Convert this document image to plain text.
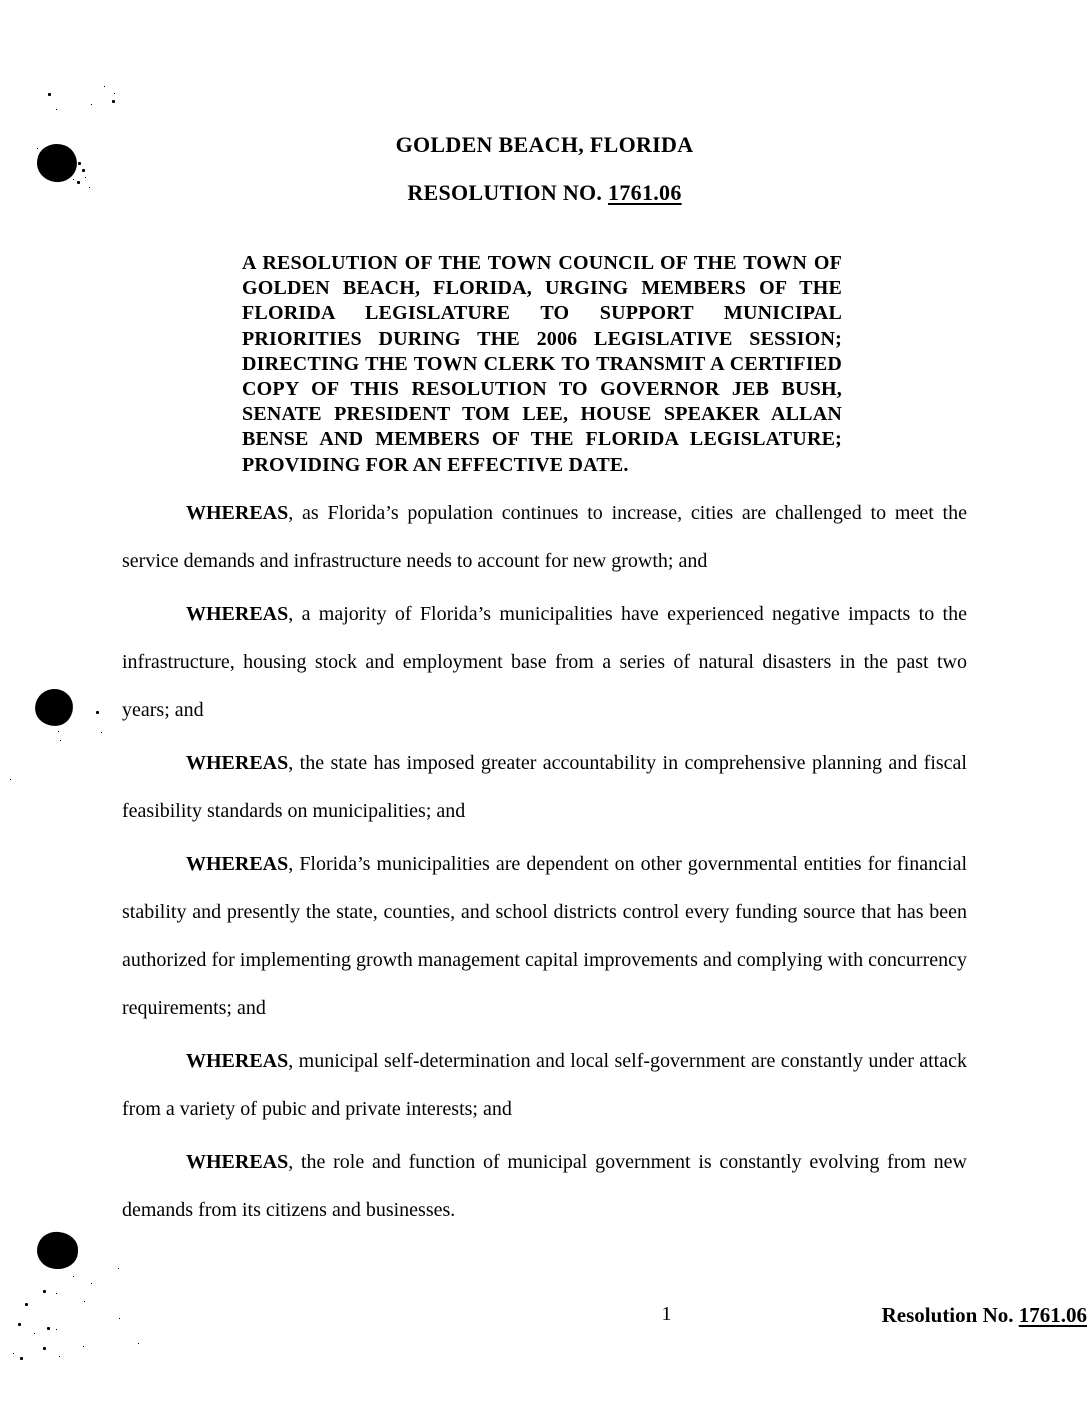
GOLDEN BEACH, FLORIDA
RESOLUTION NO. 1761.06

A RESOLUTION OF THE TOWN COUNCIL OF THE TOWN OF GOLDEN BEACH, FLORIDA, URGING MEMBERS OF THE FLORIDA LEGISLATURE TO SUPPORT MUNICIPAL PRIORITIES DURING THE 2006 LEGISLATIVE SESSION; DIRECTING THE TOWN CLERK TO TRANSMIT A CERTIFIED COPY OF THIS RESOLUTION TO GOVERNOR JEB BUSH, SENATE PRESIDENT TOM LEE, HOUSE SPEAKER ALLAN BENSE AND MEMBERS OF THE FLORIDA LEGISLATURE; PROVIDING FOR AN EFFECTIVE DATE.

WHEREAS, as Florida’s population continues to increase, cities are challenged to meet the service demands and infrastructure needs to account for new growth; and

WHEREAS, a majority of Florida’s municipalities have experienced negative impacts to the infrastructure, housing stock and employment base from a series of natural disasters in the past two years; and

WHEREAS, the state has imposed greater accountability in comprehensive planning and fiscal feasibility standards on municipalities; and

WHEREAS, Florida’s municipalities are dependent on other governmental entities for financial stability and presently the state, counties, and school districts control every funding source that has been authorized for implementing growth management capital improvements and complying with concurrency requirements; and

WHEREAS, municipal self-determination and local self-government are constantly under attack from a variety of pubic and private interests; and

WHEREAS, the role and function of municipal government is constantly evolving from new demands from its citizens and businesses.

1	Resolution No. 1761.06
